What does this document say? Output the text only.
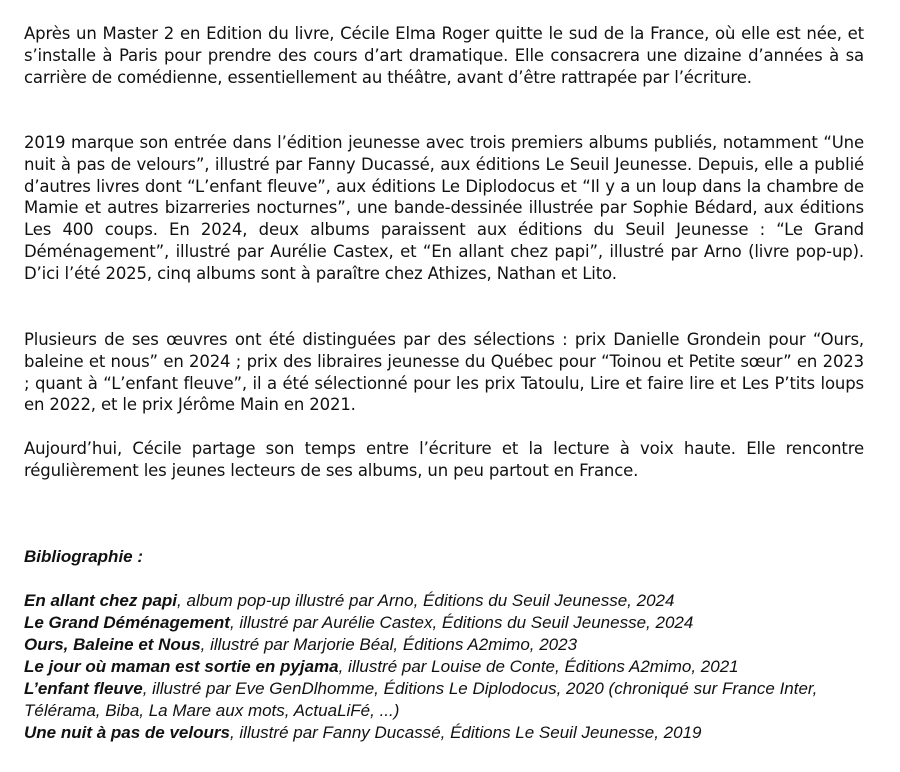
Après un Master 2 en Edition du livre, Cécile Elma Roger quitte le sud de la France, où elle est née, et s’installe à Paris pour prendre des cours d’art dramatique. Elle consacrera une dizaine d’années à sa carrière de comédienne, essentiellement au théâtre, avant d’être rattrapée par l’écriture.

2019 marque son entrée dans l’édition jeunesse avec trois premiers albums publiés, notamment “Une nuit à pas de velours”, illustré par Fanny Ducassé, aux éditions Le Seuil Jeunesse. Depuis, elle a publié d’autres livres dont “L’enfant fleuve”, aux éditions Le Diplodocus et “Il y a un loup dans la chambre de Mamie et autres bizarreries nocturnes”, une bande-dessinée illustrée par Sophie Bédard, aux éditions Les 400 coups. En 2024, deux albums paraissent aux éditions du Seuil Jeunesse : “Le Grand Déménagement”, illustré par Aurélie Castex, et “En allant chez papi”, illustré par Arno (livre pop-up). D’ici l’été 2025, cinq albums sont à paraître chez Athizes, Nathan et Lito.

Plusieurs de ses œuvres ont été distinguées par des sélections : prix Danielle Grondein pour “Ours, baleine et nous” en 2024 ; prix des libraires jeunesse du Québec pour “Toinou et Petite sœur” en 2023 ; quant à “L’enfant fleuve”, il a été sélectionné pour les prix Tatoulu, Lire et faire lire et Les P’tits loups en 2022, et le prix Jérôme Main en 2021.

Aujourd’hui, Cécile partage son temps entre l’écriture et la lecture à voix haute. Elle rencontre régulièrement les jeunes lecteurs de ses albums, un peu partout en France.

Bibliographie :

En allant chez papi, album pop-up illustré par Arno, Éditions du Seuil Jeunesse, 2024
Le Grand Déménagement, illustré par Aurélie Castex, Éditions du Seuil Jeunesse, 2024
Ours, Baleine et Nous, illustré par Marjorie Béal, Éditions A2mimo, 2023
Le jour où maman est sortie en pyjama, illustré par Louise de Conte, Éditions A2mimo, 2021
L’enfant fleuve, illustré par Eve GenDlhomme, Éditions Le Diplodocus, 2020 (chroniqué sur France Inter, Télérama, Biba, La Mare aux mots, ActuaLiFé, ...)
Une nuit à pas de velours, illustré par Fanny Ducassé, Éditions Le Seuil Jeunesse, 2019
